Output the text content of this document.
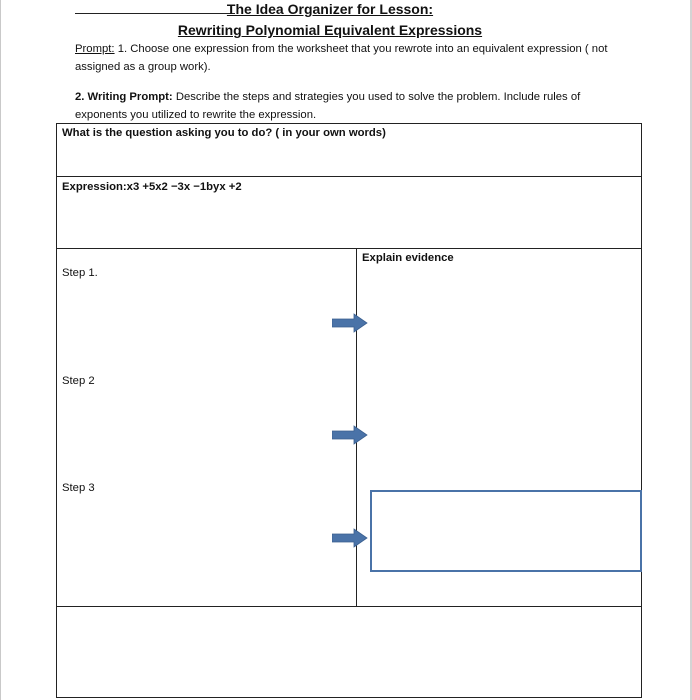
The Idea Organizer for Lesson:
Rewriting Polynomial Equivalent Expressions
Prompt: 1. Choose one expression from the worksheet that you rewrote into an equivalent expression ( not assigned as a group work).
2. Writing Prompt: Describe the steps and strategies you used to solve the problem. Include rules of exponents you utilized to rewrite the expression.
What is the question asking you to do? ( in your own words)
Expression:x3 +5x2 −3x −1byx +2
Step 1.
Step 2
Step 3
Explain evidence
